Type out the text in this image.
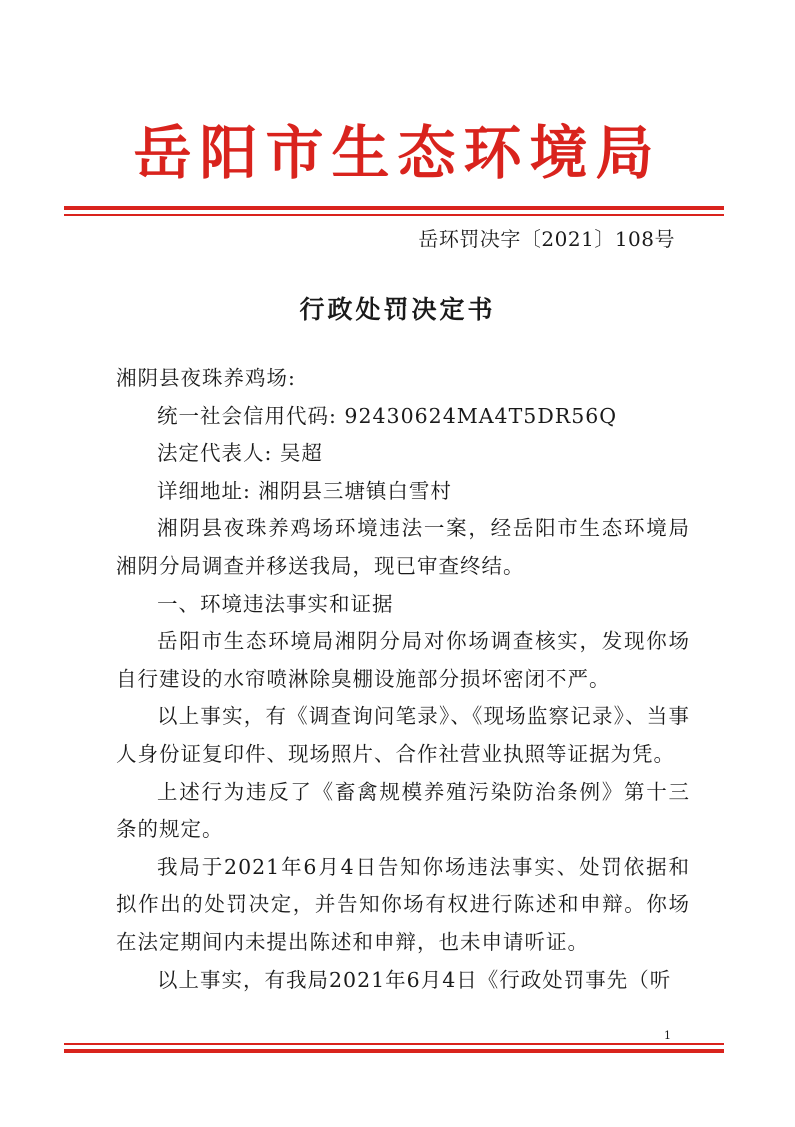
岳阳市生态环境局
岳环罚决字〔2021〕108号
行政处罚决定书

湘阴县夜珠养鸡场:

统一社会信用代码: 92430624MA4T5DR56Q

法定代表人: 吴超

详细地址: 湘阴县三塘镇白雪村

湘阴县夜珠养鸡场环境违法一案，经岳阳市生态环境局湘阴分局调查并移送我局，现已审查终结。

一、环境违法事实和证据

岳阳市生态环境局湘阴分局对你场调查核实，发现你场自行建设的水帘喷淋除臭棚设施部分损坏密闭不严。

以上事实，有《调查询问笔录》、《现场监察记录》、当事人身份证复印件、现场照片、合作社营业执照等证据为凭。

上述行为违反了《畜禽规模养殖污染防治条例》第十三条的规定。

我局于2021年6月4日告知你场违法事实、处罚依据和拟作出的处罚决定，并告知你场有权进行陈述和申辩。你场在法定期间内未提出陈述和申辩，也未申请听证。

以上事实，有我局2021年6月4日《行政处罚事先（听

1
